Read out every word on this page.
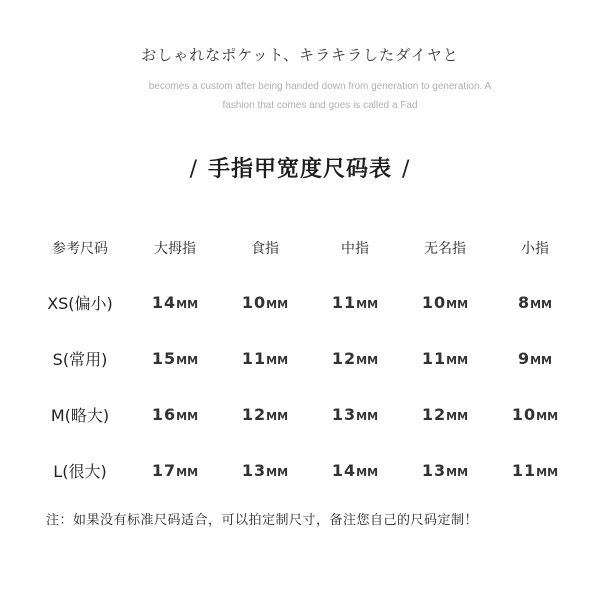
おしゃれなポケット、キラキラしたダイヤと
becomes a custom after being handed down from generation to generation. A
fashion that comes and goes is called a Fad
/ 手指甲宽度尺码表 /
参考尺码	大拇指	食指	中指	无名指	小指
XS(偏小)	14MM	10MM	11MM	10MM	8MM
S(常用)	15MM	11MM	12MM	11MM	9MM
M(略大)	16MM	12MM	13MM	12MM	10MM
L(很大)	17MM	13MM	14MM	13MM	11MM
注：如果没有标准尺码适合，可以拍定制尺寸，备注您自己的尺码定制！
